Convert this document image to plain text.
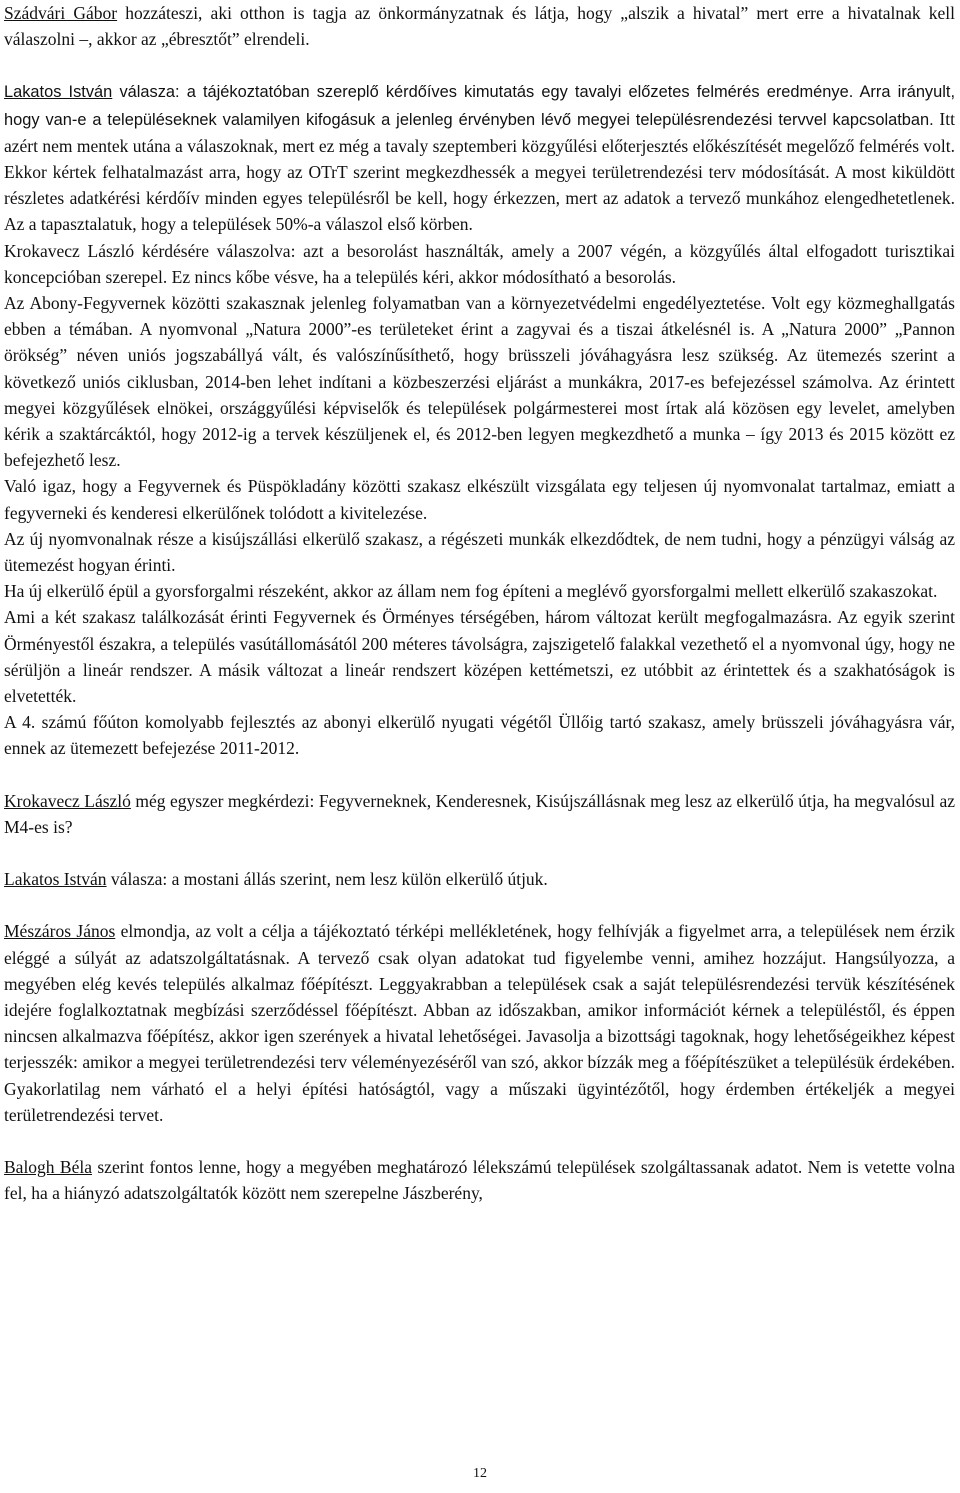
Szádvári Gábor hozzáteszi, aki otthon is tagja az önkormányzatnak és látja, hogy „alszik a hivatal” mert erre a hivatalnak kell válaszolni –, akkor az „ébresztőt” elrendeli.

Lakatos István válasza: a tájékoztatóban szereplő kérdőíves kimutatás egy tavalyi előzetes felmérés eredménye. Arra irányult, hogy van-e a településeknek valamilyen kifogásuk a jelenleg érvényben lévő megyei településrendezési tervvel kapcsolatban. Itt azért nem mentek utána a válaszoknak, mert ez még a tavaly szeptemberi közgyűlési előterjesztés előkészítését megelőző felmérés volt. Ekkor kértek felhatalmazást arra, hogy az OTrT szerint megkezdhessék a megyei területrendezési terv módosítását. A most kiküldött részletes adatkérési kérdőív minden egyes településről be kell, hogy érkezzen, mert az adatok a tervező munkához elengedhetetlenek. Az a tapasztalatuk, hogy a települések 50%-a válaszol első körben.

Krokavecz László kérdésére válaszolva: azt a besorolást használták, amely a 2007 végén, a közgyűlés által elfogadott turisztikai koncepcióban szerepel. Ez nincs kőbe vésve, ha a település kéri, akkor módosítható a besorolás.

Az Abony-Fegyvernek közötti szakasznak jelenleg folyamatban van a környezetvédelmi engedélyeztetése. Volt egy közmeghallgatás ebben a témában. A nyomvonal „Natura 2000”-es területeket érint a zagyvai és a tiszai átkelésnél is. A „Natura 2000” „Pannon örökség” néven uniós jogszabállyá vált, és valószínűsíthető, hogy brüsszeli jóváhagyásra lesz szükség. Az ütemezés szerint a következő uniós ciklusban, 2014-ben lehet indítani a közbeszerzési eljárást a munkákra, 2017-es befejezéssel számolva. Az érintett megyei közgyűlések elnökei, országgyűlési képviselők és települések polgármesterei most írtak alá közösen egy levelet, amelyben kérik a szaktárcáktól, hogy 2012-ig a tervek készüljenek el, és 2012-ben legyen megkezdhető a munka – így 2013 és 2015 között ez befejezhető lesz.

Való igaz, hogy a Fegyvernek és Püspökladány közötti szakasz elkészült vizsgálata egy teljesen új nyomvonalat tartalmaz, emiatt a fegyverneki és kenderesi elkerülőnek tolódott a kivitelezése.

Az új nyomvonalnak része a kisújszállási elkerülő szakasz, a régészeti munkák elkezdődtek, de nem tudni, hogy a pénzügyi válság az ütemezést hogyan érinti.

Ha új elkerülő épül a gyorsforgalmi részeként, akkor az állam nem fog építeni a meglévő gyorsforgalmi mellett elkerülő szakaszokat.

Ami a két szakasz találkozását érinti Fegyvernek és Örményes térségében, három változat került megfogalmazásra. Az egyik szerint Örményestől északra, a település vasútállomásától 200 méteres távolságra, zajszigetelő falakkal vezethető el a nyomvonal úgy, hogy ne sérüljön a lineár rendszer. A másik változat a lineár rendszert középen kettémetszi, ez utóbbit az érintettek és a szakhatóságok is elvetették.

A 4. számú főúton komolyabb fejlesztés az abonyi elkerülő nyugati végétől Üllőig tartó szakasz, amely brüsszeli jóváhagyásra vár, ennek az ütemezett befejezése 2011-2012.

Krokavecz László még egyszer megkérdezi: Fegyverneknek, Kenderesnek, Kisújszállásnak meg lesz az elkerülő útja, ha megvalósul az M4-es is?

Lakatos István válasza: a mostani állás szerint, nem lesz külön elkerülő útjuk.

Mészáros János elmondja, az volt a célja a tájékoztató térképi mellékletének, hogy felhívják a figyelmet arra, a települések nem érzik eléggé a súlyát az adatszolgáltatásnak. A tervező csak olyan adatokat tud figyelembe venni, amihez hozzájut. Hangsúlyozza, a megyében elég kevés település alkalmaz főépítészt. Leggyakrabban a települések csak a saját településrendezési tervük készítésének idejére foglalkoztatnak megbízási szerződéssel főépítészt. Abban az időszakban, amikor információt kérnek a településtől, és éppen nincsen alkalmazva főépítész, akkor igen szerények a hivatal lehetőségei. Javasolja a bizottsági tagoknak, hogy lehetőségeikhez képest terjesszék: amikor a megyei területrendezési terv véleményezéséről van szó, akkor bízzák meg a főépítészüket a településük érdekében. Gyakorlatilag nem várható el a helyi építési hatóságtól, vagy a műszaki ügyintézőtől, hogy érdemben értékeljék a megyei területrendezési tervet.

Balogh Béla szerint fontos lenne, hogy a megyében meghatározó lélekszámú települések szolgáltassanak adatot. Nem is vetette volna fel, ha a hiányzó adatszolgáltatók között nem szerepelne Jászberény,

12
